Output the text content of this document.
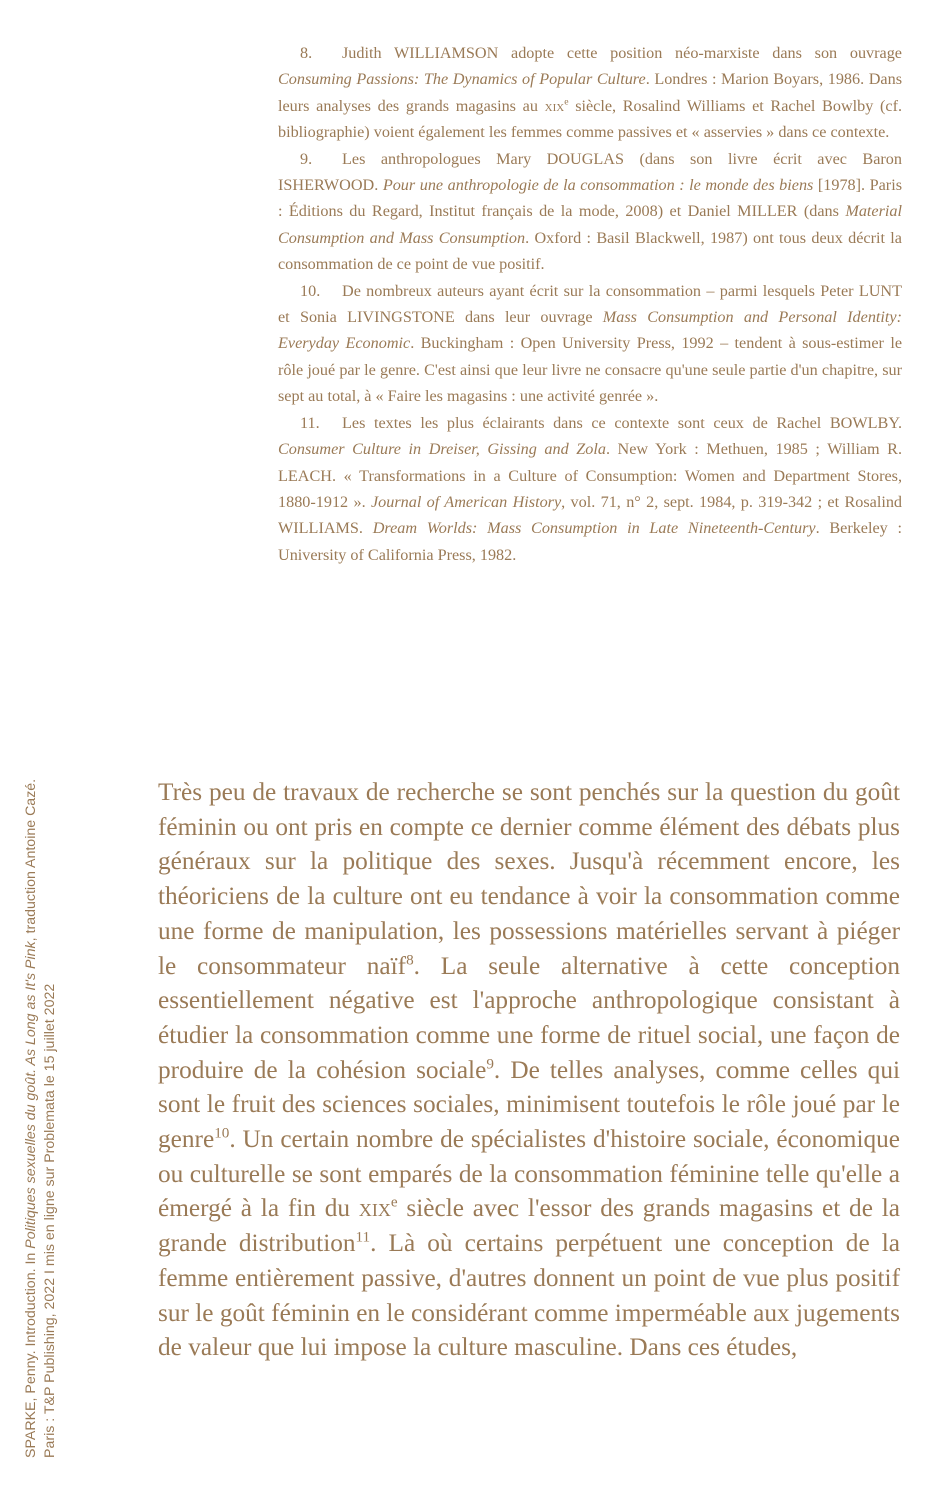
SPARKE, Penny. Introduction. In Politiques sexuelles du goût. As Long as It's Pink, traduction Antoine Cazé.
Paris : T&P Publishing, 2022 I mis en ligne sur Problemata le 15 juillet 2022

8. Judith WILLIAMSON adopte cette position néo-marxiste dans son ouvrage Consuming Passions: The Dynamics of Popular Culture. Londres : Marion Boyars, 1986. Dans leurs analyses des grands magasins au xix$^e$ siècle, Rosalind Williams et Rachel Bowlby (cf. bibliographie) voient également les femmes comme passives et « asservies » dans ce contexte.

9. Les anthropologues Mary DOUGLAS (dans son livre écrit avec Baron ISHERWOOD. Pour une anthropologie de la consommation : le monde des biens [1978]. Paris : Éditions du Regard, Institut français de la mode, 2008) et Daniel MILLER (dans Material Consumption and Mass Consumption. Oxford : Basil Blackwell, 1987) ont tous deux décrit la consommation de ce point de vue positif.

10. De nombreux auteurs ayant écrit sur la consommation – parmi lesquels Peter LUNT et Sonia LIVINGSTONE dans leur ouvrage Mass Consumption and Personal Identity: Everyday Economic. Buckingham : Open University Press, 1992 – tendent à sous-estimer le rôle joué par le genre. C'est ainsi que leur livre ne consacre qu'une seule partie d'un chapitre, sur sept au total, à « Faire les magasins : une activité genrée ».

11. Les textes les plus éclairants dans ce contexte sont ceux de Rachel BOWLBY. Consumer Culture in Dreiser, Gissing and Zola. New York : Methuen, 1985 ; William R. LEACH. « Transformations in a Culture of Consumption: Women and Department Stores, 1880-1912 ». Journal of American History, vol. 71, n° 2, sept. 1984, p. 319-342 ; et Rosalind WILLIAMS. Dream Worlds: Mass Consumption in Late Nineteenth-Century. Berkeley : University of California Press, 1982.

Très peu de travaux de recherche se sont penchés sur la question du goût féminin ou ont pris en compte ce dernier comme élément des débats plus généraux sur la politique des sexes. Jusqu'à récemment encore, les théoriciens de la culture ont eu tendance à voir la consommation comme une forme de manipulation, les possessions matérielles servant à piéger le consommateur naïf$^8$. La seule alternative à cette conception essentiellement négative est l'approche anthropologique consistant à étudier la consommation comme une forme de rituel social, une façon de produire de la cohésion sociale$^9$. De telles analyses, comme celles qui sont le fruit des sciences sociales, minimisent toutefois le rôle joué par le genre$^{10}$. Un certain nombre de spécialistes d'histoire sociale, économique ou culturelle se sont emparés de la consommation féminine telle qu'elle a émergé à la fin du xix$^e$ siècle avec l'essor des grands magasins et de la grande distribution$^{11}$. Là où certains perpétuent une conception de la femme entièrement passive, d'autres donnent un point de vue plus positif sur le goût féminin en le considérant comme imperméable aux jugements de valeur que lui impose la culture masculine. Dans ces études,
